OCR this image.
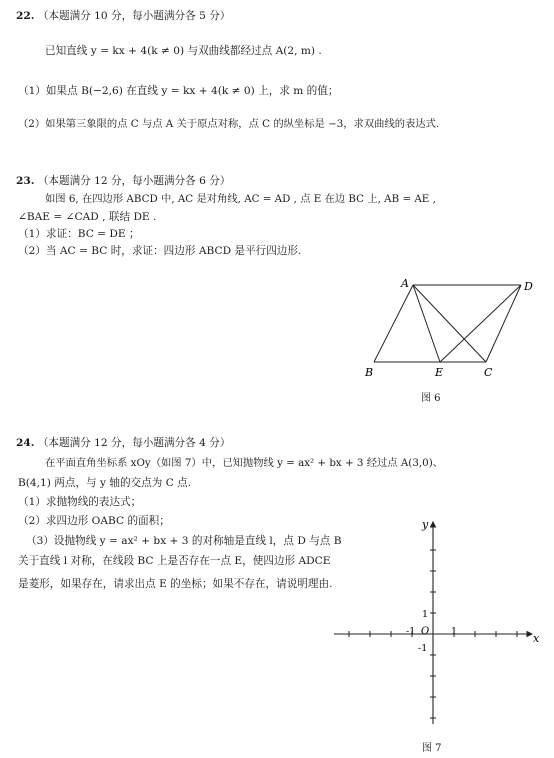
22. （本题满分 10 分，每小题满分各 5 分）
已知直线 y = kx + 4(k ≠ 0) 与双曲线都经过点 A(2, m) .
（1）如果点 B(−2,6) 在直线 y = kx + 4(k ≠ 0) 上，求 m 的值；
（2）如果第三象限的点 C 与点 A 关于原点对称，点 C 的纵坐标是 −3，求双曲线的表达式.
23. （本题满分 12 分，每小题满分各 6 分）
如图 6, 在四边形 ABCD 中, AC 是对角线, AC = AD , 点 E 在边 BC 上, AB = AE ,
∠BAE = ∠CAD , 联结 DE .
（1）求证：BC = DE ；
（2）当 AC = BC 时，求证：四边形 ABCD 是平行四边形.
A	D
B	E	C
图 6
24. （本题满分 12 分，每小题满分各 4 分）
在平面直角坐标系 xOy（如图 7）中，已知抛物线 y = ax² + bx + 3 经过点 A(3,0)、
B(4,1) 两点，与 y 轴的交点为 C 点.
（1）求抛物线的表达式；
（2）求四边形 OABC 的面积；
（3）设抛物线 y = ax² + bx + 3 的对称轴是直线 l，点 D 与点 B
关于直线 l 对称，在线段 BC 上是否存在一点 E，使四边形 ADCE
是菱形，如果存在，请求出点 E 的坐标；如果不存在，请说明理由.
x
y
O
-1	1
1
-1
图 7
